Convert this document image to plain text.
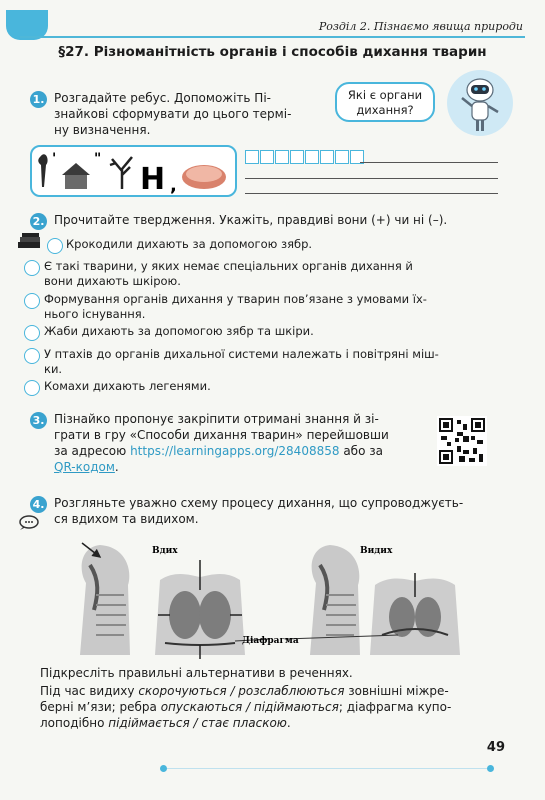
Розділ 2. Пізнаємо явища природи
§27. Різноманітність органів і способів дихання тварин
Які є органи
дихання?
1. Розгадайте ребус. Допоможіть Пі-
знайкові сформувати до цього термі-
ну визначення.
'	"
Н ,
2. Прочитайте твердження. Укажіть, правдиві вони (+) чи ні (–).
Крокодили дихають за допомогою зябр.
Є такі тварини, у яких немає спеціальних органів дихання й
вони дихають шкірою.
Формування органів дихання у тварин пов’язане з умовами їх-
нього існування.
Жаби дихають за допомогою зябр та шкіри.
У птахів до органів дихальної системи належать і повітряні міш-
ки.
Комахи дихають легенями.
3. Пізнайко пропонує закріпити отримані знання й зі-
грати в гру «Способи дихання тварин» перейшовши
за адресою https://learningapps.org/28408858 або за
QR-кодом.
4. Розгляньте уважно схему процесу дихання, що супроводжуєть-
ся вдихом та видихом.
Вдих	Видих
Діафрагма
Підкресліть правильні альтернативи в реченнях.
Під час видиху скорочуються / розслаблюються зовнішні міжре-
берні м’язи; ребра опускаються / підіймаються; діафрагма купо-
лоподібно підіймається / стає пласкою.
49
